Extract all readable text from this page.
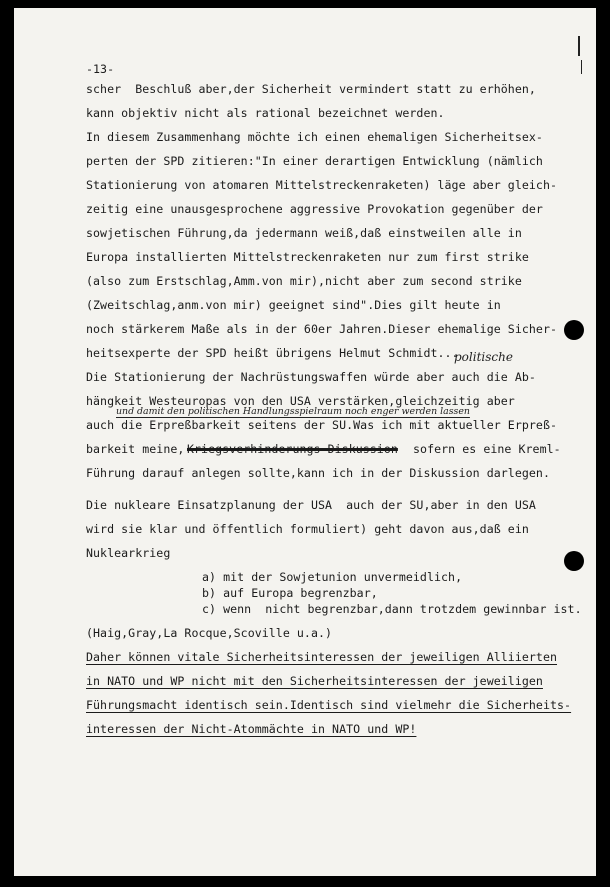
-13-

scher  Beschluß aber,der Sicherheit vermindert statt zu erhöhen,

kann objektiv nicht als rational bezeichnet werden.

In diesem Zusammenhang möchte ich einen ehemaligen Sicherheitsex-

perten der SPD zitieren:"In einer derartigen Entwicklung (nämlich

Stationierung von atomaren Mittelstreckenraketen) läge aber gleich-

zeitig eine unausgesprochene aggressive Provokation gegenüber der

sowjetischen Führung,da jedermann weiß,daß einstweilen alle in

Europa installierten Mittelstreckenraketen nur zum first strike

(also zum Erstschlag,Amm.von mir),nicht aber zum second strike

(Zweitschlag,anm.von mir) geeignet sind".Dies gilt heute in

noch stärkerem Maße als in der 60er Jahren.Dieser ehemalige Sicher-

heitsexperte der SPD heißt übrigens Helmut Schmidt...

politische

Die Stationierung der Nachrüstungswaffen würde aber auch die Ab-

hängkeit Westeuropas von den USA verstärken,gleichzeitig aber

und damit den politischen Handlungsspielraum noch enger werden lassen

auch die Erpreßbarkeit seitens der SU.Was ich mit aktueller Erpreß-

barkeit meine, Kriegsverhinderungs-Diskussion sofern es eine Kreml-

Führung darauf anlegen sollte,kann ich in der Diskussion darlegen.

Die nukleare Einsatzplanung der USA  auch der SU,aber in den USA

wird sie klar und öffentlich formuliert) geht davon aus,daß ein

Nuklearkrieg

a) mit der Sowjetunion unvermeidlich,

b) auf Europa begrenzbar,

c) wenn  nicht begrenzbar,dann trotzdem gewinnbar ist.

(Haig,Gray,La Rocque,Scoville u.a.)

Daher können vitale Sicherheitsinteressen der jeweiligen Alliierten

in NATO und WP nicht mit den Sicherheitsinteressen der jeweiligen

Führungsmacht identisch sein.Identisch sind vielmehr die Sicherheits-

interessen der Nicht-Atommächte in NATO und WP!
